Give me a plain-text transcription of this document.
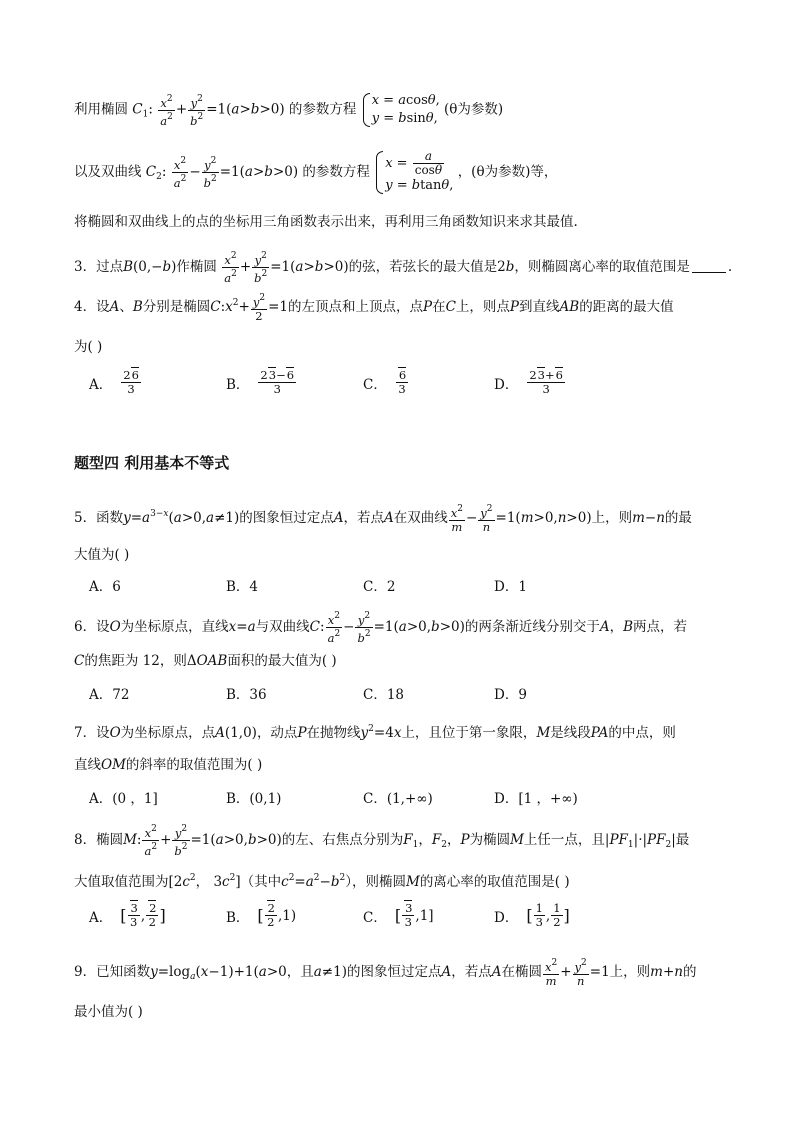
利用椭圆 $C_1$: $\frac{x^2}{a^2} + \frac{y^2}{b^2} =1(a>b>0)$ 的参数方程
x = acosθ,
y = bsinθ,
(θ为参数)
以及双曲线 $C_2$: $\frac{x^2}{a^2} - \frac{y^2}{b^2} =1(a>b>0)$ 的参数方程
$x = \frac{a}{\cos\theta}$
y = btanθ,
，(θ为参数)等，
将椭圆和双曲线上的点的坐标用三角函数表示出来，再利用三角函数知识来求其最值.
3．过点B(0,−b)作椭圆 $\frac{x^2}{a^2} + \frac{y^2}{b^2} =1(a>b>0)$的弦，若弦长的最大值是2b，则椭圆离心率的取值范围是	.
4．设A、B分别是椭圆$C:x^2+ \frac{y^2}{2} =1$的左顶点和上顶点，点P在C上，则点P到直线AB的距离的最大值
为( )
A． $\frac{26}{3}$	B． $\frac{23-6}{3}$	C． $\frac{6}{3}$	D． $\frac{23+6}{3}$
题型四 利用基本不等式
5．函数$y=a^{3-x}(a>0,a\ne 1)$的图象恒过定点A，若点A在双曲线 $\frac{x^2}{m} - \frac{y^2}{n} =1(m>0,n>0)$上，则m−n的最
大值为( )
A．6	B．4	C．2	D．1
6．设O为坐标原点，直线x=a与双曲线C: $\frac{x^2}{a^2} - \frac{y^2}{b^2} =1(a>0,b>0)$的两条渐近线分别交于A，B两点，若
C的焦距为 12，则ΔOAB面积的最大值为( )
A．72	B．36	C．18	D．9
7．设O为坐标原点，点A(1,0)，动点P在抛物线$y^2=4x$上，且位于第一象限，M是线段PA的中点，则
直线OM的斜率的取值范围为( )
A．(0 ，1]	B．(0,1)	C．(1,+∞)	D．[1 ，+∞)
8．椭圆M: $\frac{x^2}{a^2} + \frac{y^2}{b^2} =1(a>0,b>0)$的左、右焦点分别为$F_1$，$F_2$，P为椭圆M上任一点，且$|PF_1|\cdot|PF_2|$最
大值取值范围为[$2c^2$， $3c^2$]（其中$c^2=a^2-b^2$），则椭圆M的离心率的取值范围是( )
A． [ $\frac{3}{3}$ , $\frac{2}{2}$ ]	B． [ $\frac{2}{2} ,1$)	C． [ $\frac{3}{3} ,1$]	D． [ $\frac{1}{3}$ , $\frac{1}{2}$ ]
9．已知函数$y=\log_a(x-1)+1(a>0$，且a≠1)的图象恒过定点A，若点A在椭圆 $\frac{x^2}{m} + \frac{y^2}{n} =1$上，则m+n的
最小值为( )
